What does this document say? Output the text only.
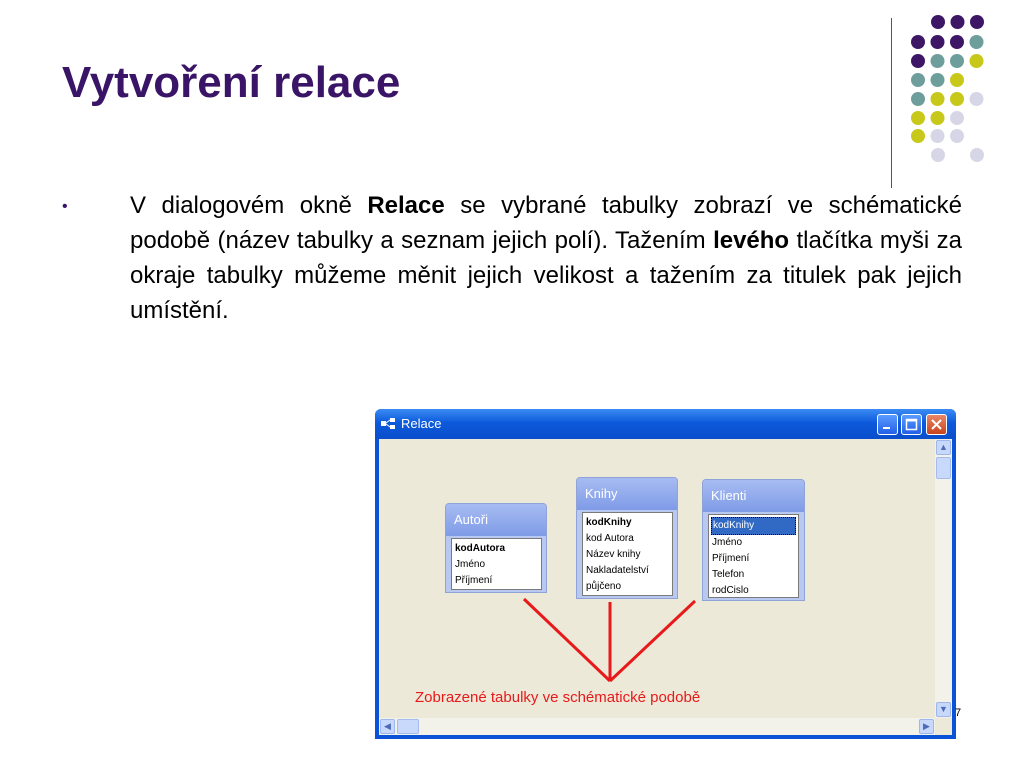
Vytvoření relace
•	V dialogovém okně Relace se vybrané tabulky zobrazí ve schématické podobě (název tabulky a seznam jejich polí). Tažením levého tlačítka myši za okraje tabulky můžeme měnit jejich velikost a tažením za titulek pak jejich umístění.

Relace
Autoři
kodAutora
Jméno
Příjmení
Knihy
kodKnihy
kod Autora
Název knihy
Nakladatelství
půjčeno
Klienti
kodKnihy
Jméno
Příjmení
Telefon
rodCislo
Zobrazené tabulky ve schématické podobě
▲
▼
◀	▶
7
